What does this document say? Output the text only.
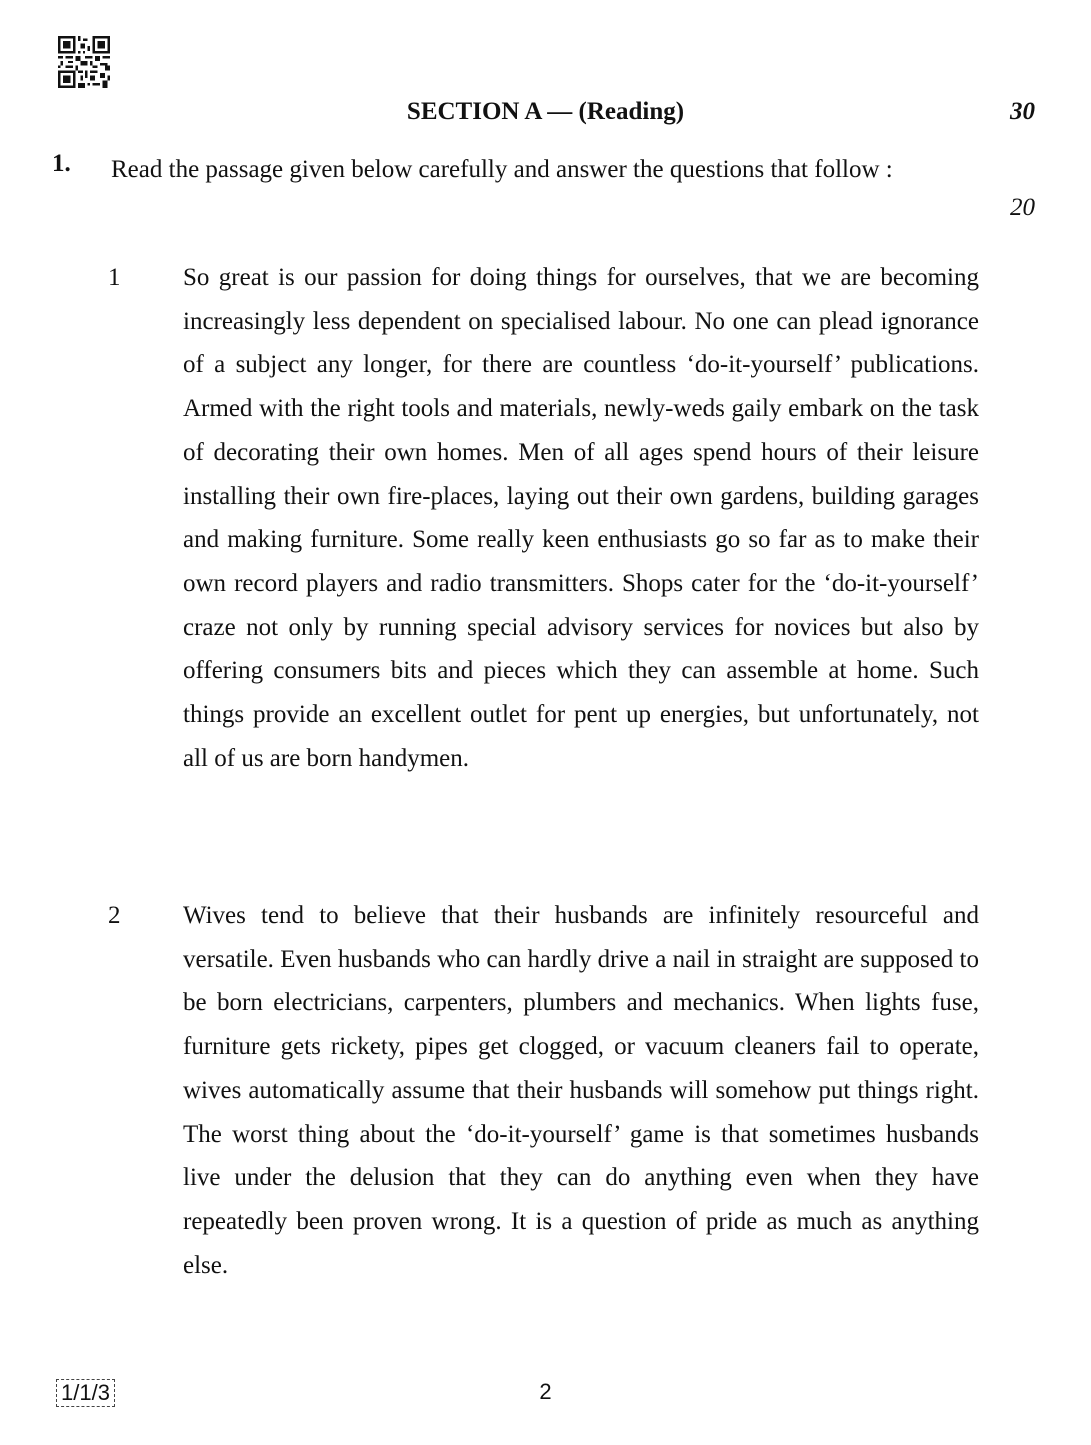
SECTION A — (Reading)	30
1. Read the passage given below carefully and answer the questions that follow :
20
1	So great is our passion for doing things for ourselves, that we are becoming increasingly less dependent on specialised labour. No one can plead ignorance of a subject any longer, for there are countless ‘do-it-yourself’ publications. Armed with the right tools and materials, newly-weds gaily embark on the task of decorating their own homes. Men of all ages spend hours of their leisure installing their own fire-places, laying out their own gardens, building garages and making furniture. Some really keen enthusiasts go so far as to make their own record players and radio transmitters. Shops cater for the ‘do-it-yourself’ craze not only by running special advisory services for novices but also by offering consumers bits and pieces which they can assemble at home. Such things provide an excellent outlet for pent up energies, but unfortunately, not all of us are born handymen.

2	Wives tend to believe that their husbands are infinitely resourceful and versatile. Even husbands who can hardly drive a nail in straight are supposed to be born electricians, carpenters, plumbers and mechanics. When lights fuse, furniture gets rickety, pipes get clogged, or vacuum cleaners fail to operate, wives automatically assume that their husbands will somehow put things right. The worst thing about the ‘do-it-yourself’ game is that sometimes husbands live under the delusion that they can do anything even when they have repeatedly been proven wrong. It is a question of pride as much as anything else.

1/1/3	2
